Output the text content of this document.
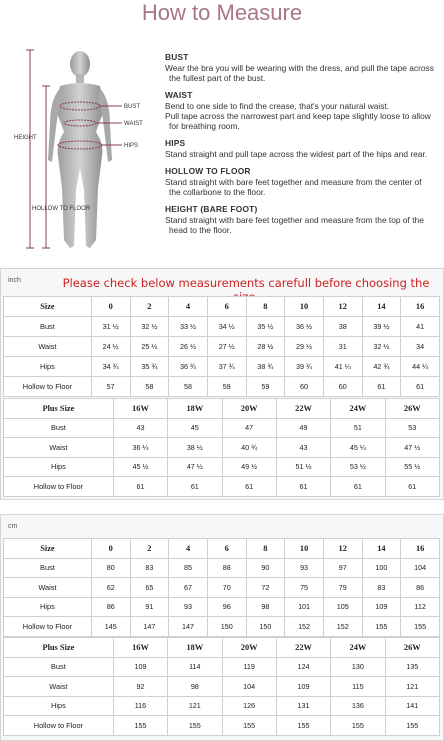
How to Measure
BUST
WAIST
HIPS
HEIGHT
HOLLOW TO FLOOR
BUST
Wear the bra you will be wearing with the dress, and pull the tape across
the fullest part of the bust.
WAIST
Bend to one side to find the crease, that's your natural waist.
Pull tape across the narrowest part and keep tape slightly loose to allow
for breathing room.
HIPS
Stand straight and pull tape across the widest part of the hips and rear.
HOLLOW TO FLOOR
Stand straight with bare feet together and measure from the center of
the collarbone to the floor.
HEIGHT (BARE FOOT)
Stand straight with bare feet together and measure from the top of the
head to the floor.
inch	Please check below measurements carefull before choosing the
Size	0	2	4	6	8	10	12	14	16
Bust	31 ½	32 ½	33 ½	34 ½	35 ½	36 ½	38	39 ½	41
Waist	24 ½	25 ½	26 ½	27 ½	28 ½	29 ½	31	32 ½	34
Hips	34 ¾	35 ¾	36 ¾	37 ¾	38 ¾	39 ¾	41 ¼	42 ¾	44 ¼
Hollow to Floor	57	58	58	59	59	60	60	61	61
Plus Size	16W	18W	20W	22W	24W	26W
Bust	43	45	47	49	51	53
Waist	36 ¼	38 ½	40 ¾	43	45 ¼	47 ½
Hips	45 ½	47 ½	49 ½	51 ½	53 ½	55 ½
Hollow to Floor	61	61	61	61	61	61
cm
Size	0	2	4	6	8	10	12	14	16
Bust	80	83	85	88	90	93	97	100	104
Waist	62	65	67	70	72	75	79	83	86
Hips	86	91	93	96	98	101	105	109	112
Hollow to Floor	145	147	147	150	150	152	152	155	155
Plus Size	16W	18W	20W	22W	24W	26W
Bust	109	114	119	124	130	135
Waist	92	98	104	109	115	121
Hips	116	121	126	131	136	141
Hollow to Floor	155	155	155	155	155	155
